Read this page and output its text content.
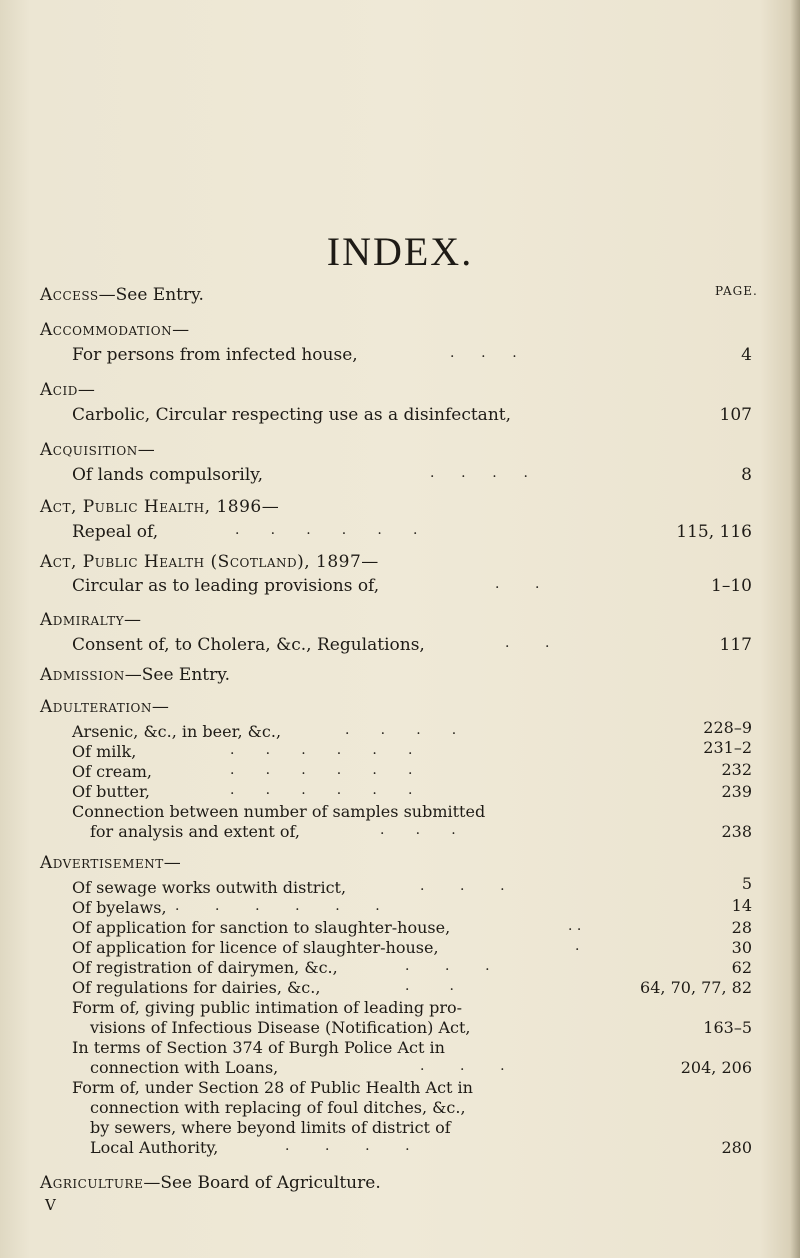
INDEX.
PAGE.
Access—See Entry.
Accommodation—
For persons from infected house,	·      ·      ·	4
Acid—
Carbolic, Circular respecting use as a disinfectant,	107
Acquisition—
Of lands compulsorily,	·      ·      ·      ·	8
Act, Public Health, 1896—
Repeal of,	·       ·       ·       ·       ·       ·	115, 116
Act, Public Health (Scotland), 1897—
Circular as to leading provisions of,	·        ·	1–10
Admiralty—
Consent of, to Cholera, &c., Regulations,	·        ·	117
Admission—See Entry.
Adulteration—
Arsenic, &c., in beer, &c.,	·       ·       ·       ·	228–9
Of milk,	·       ·       ·       ·       ·       ·	231–2
Of cream,	·       ·       ·       ·       ·       ·	232
Of butter,	·       ·       ·       ·       ·       ·	239
Connection between number of samples submitted
for analysis and extent of,	·       ·       ·	238
Advertisement—
Of sewage works outwith district,	·        ·        ·	5
Of byelaws, ·        ·        ·        ·        ·        ·	14
Of application for sanction to slaughter-house,	· ·	28
Of application for licence of slaughter-house,	·	30
Of registration of dairymen, &c.,	·        ·        ·	62
Of regulations for dairies, &c.,	·         ·	64, 70, 77, 82
Form of, giving public intimation of leading pro-
visions of Infectious Disease (Notification) Act,	163–5
In terms of Section 374 of Burgh Police Act in
connection with Loans,	·        ·        ·	204, 206
Form of, under Section 28 of Public Health Act in
connection with replacing of foul ditches, &c.,
by sewers, where beyond limits of district of
Local Authority,	·        ·        ·        ·	280
Agriculture—See Board of Agriculture.
V
